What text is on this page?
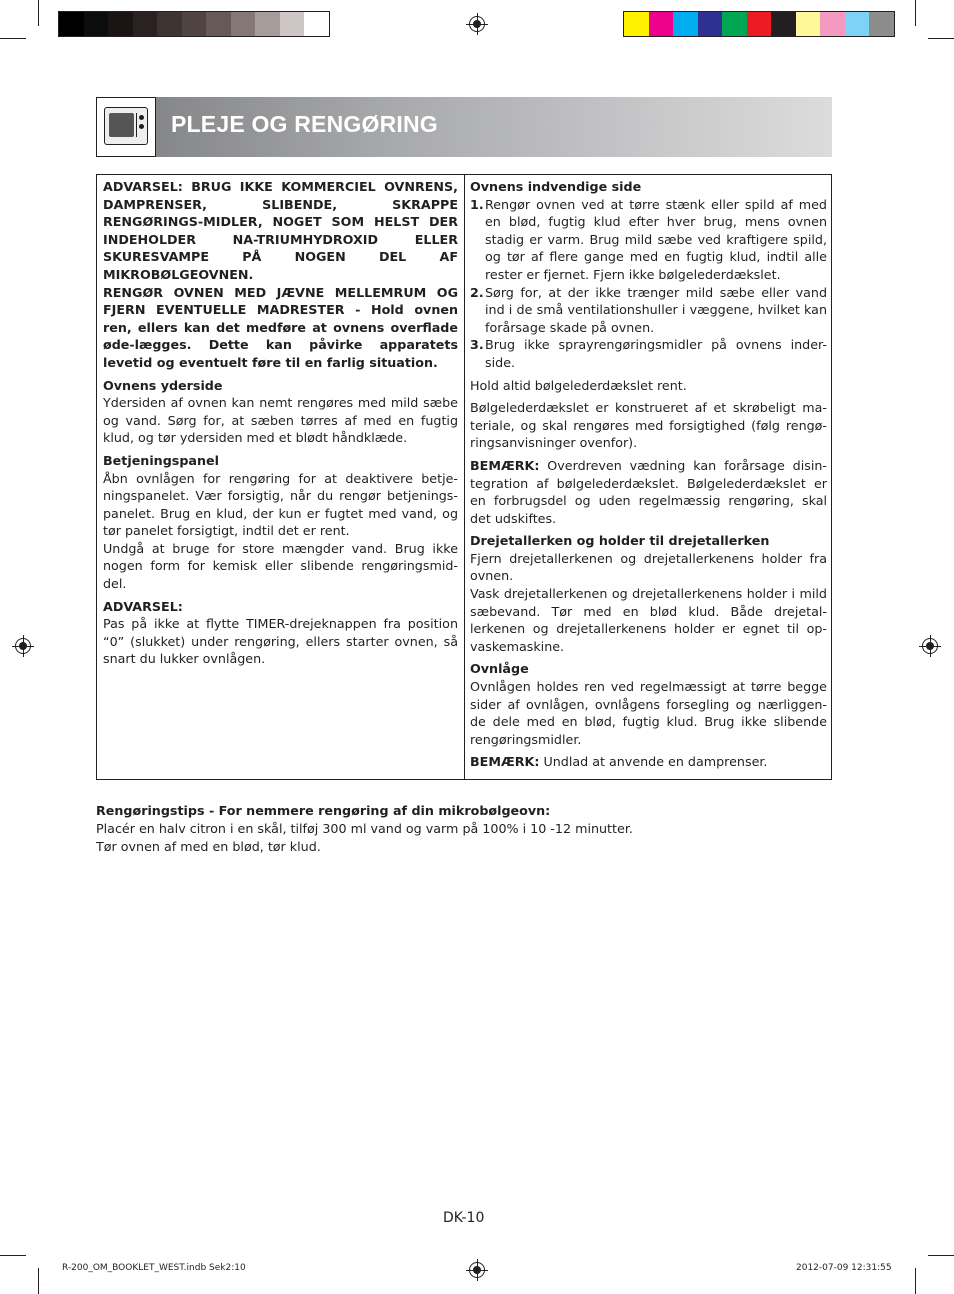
PLEJE OG RENGØRING

ADVARSEL: BRUG IKKE KOMMERCIEL OVNRENS, DAMPRENSER, SLIBENDE, SKRAPPE RENGØRINGS-MIDLER, NOGET SOM HELST DER INDEHOLDER NA-TRIUMHYDROXID ELLER SKURESVAMPE PÅ NOGEN DEL AF MIKROBØLGEOVNEN.

RENGØR OVNEN MED JÆVNE MELLEMRUM OG FJERN EVENTUELLE MADRESTER - Hold ovnen ren, ellers kan det medføre at ovnens overflade øde-lægges. Dette kan påvirke apparatets levetid og eventuelt føre til en farlig situation.

Ovnens yderside

Ydersiden af ovnen kan nemt rengøres med mild sæbe og vand. Sørg for, at sæben tørres af med en fugtig klud, og tør ydersiden med et blødt håndklæde.

Betjeningspanel

Åbn ovnlågen for rengøring for at deaktivere betje-ningspanelet. Vær forsigtig, når du rengør betjenings-panelet. Brug en klud, der kun er fugtet med vand, og tør panelet forsigtigt, indtil det er rent.

Undgå at bruge for store mængder vand. Brug ikke nogen form for kemisk eller slibende rengøringsmid-del.

ADVARSEL:

Pas på ikke at flytte TIMER-drejeknappen fra position “0” (slukket) under rengøring, ellers starter ovnen, så snart du lukker ovnlågen.

Ovnens indvendige side

1. Rengør ovnen ved at tørre stænk eller spild af med en blød, fugtig klud efter hver brug, mens ovnen stadig er varm. Brug mild sæbe ved kraftigere spild, og tør af flere gange med en fugtig klud, indtil alle rester er fjernet. Fjern ikke bølgelederdækslet.
2. Sørg for, at der ikke trænger mild sæbe eller vand ind i de små ventilationshuller i væggene, hvilket kan forårsage skade på ovnen.
3. Brug ikke sprayrengøringsmidler på ovnens inder-side.

Hold altid bølgelederdækslet rent.

Bølgelederdækslet er konstrueret af et skrøbeligt ma-teriale, og skal rengøres med forsigtighed (følg rengø-ringsanvisninger ovenfor).

BEMÆRK: Overdreven vædning kan forårsage disin-tegration af bølgelederdækslet. Bølgelederdækslet er en forbrugsdel og uden regelmæssig rengøring, skal det udskiftes.

Drejetallerken og holder til drejetallerken

Fjern drejetallerkenen og drejetallerkenens holder fra ovnen.

Vask drejetallerkenen og drejetallerkenens holder i mild sæbevand. Tør med en blød klud. Både drejetal-lerkenen og drejetallerkenens holder er egnet til op-vaskemaskine.

Ovnlåge

Ovnlågen holdes ren ved regelmæssigt at tørre begge sider af ovnlågen, ovnlågens forsegling og nærliggen-de dele med en blød, fugtig klud. Brug ikke slibende rengøringsmidler.

BEMÆRK: Undlad at anvende en damprenser.

Rengøringstips - For nemmere rengøring af din mikrobølgeovn:
Placér en halv citron i en skål, tilføj 300 ml vand og varm på 100% i 10 -12 minutter.
Tør ovnen af med en blød, tør klud.
DK-10
R-200_OM_BOOKLET_WEST.indb Sek2:10	2012-07-09 12:31:55
